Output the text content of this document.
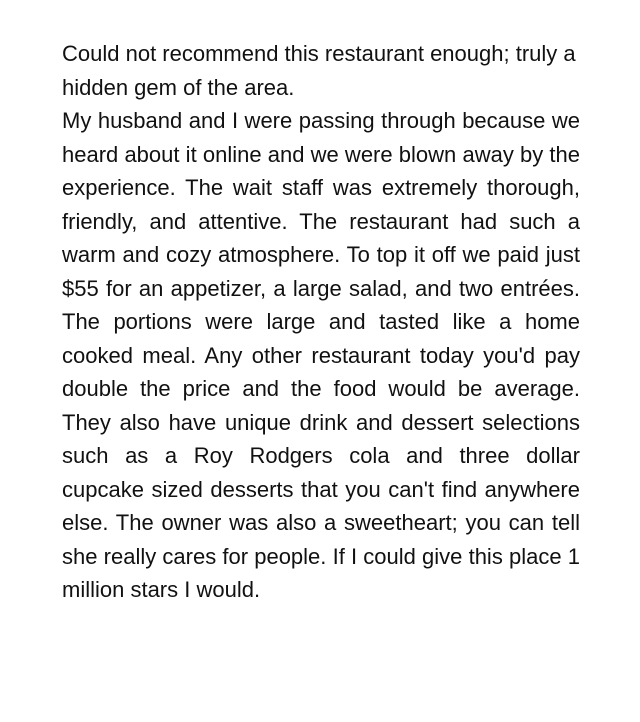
Could not recommend this restaurant enough; truly a hidden gem of the area.

My husband and I were passing through because we heard about it online and we were blown away by the experience. The wait staff was extremely thorough, friendly, and attentive. The restaurant had such a warm and cozy atmosphere. To top it off we paid just $55 for an appetizer, a large salad, and two entrées. The portions were large and tasted like a home cooked meal. Any other restaurant today you'd pay double the price and the food would be average. They also have unique drink and dessert selections such as a Roy Rodgers cola and three dollar cupcake sized desserts that you can't find anywhere else. The owner was also a sweetheart; you can tell she really cares for people. If I could give this place 1 million stars I would.
